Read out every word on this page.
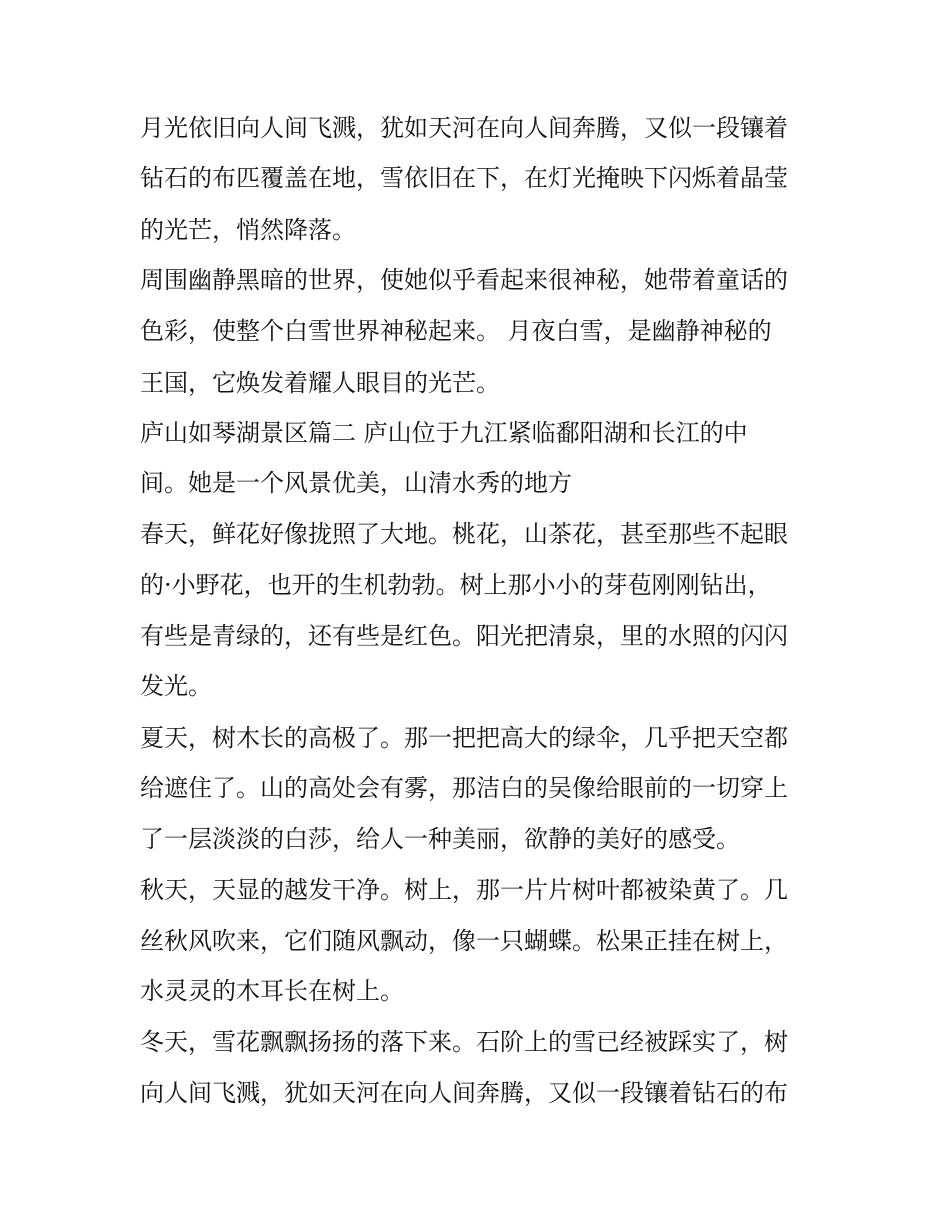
月光依旧向人间飞溅，犹如天河在向人间奔腾，又似一段镶着
钻石的布匹覆盖在地，雪依旧在下，在灯光掩映下闪烁着晶莹
的光芒，悄然降落。
周围幽静黑暗的世界，使她似乎看起来很神秘，她带着童话的
色彩，使整个白雪世界神秘起来。 月夜白雪，是幽静神秘的
王国，它焕发着耀人眼目的光芒。
庐山如琴湖景区篇二 庐山位于九江紧临鄱阳湖和长江的中
间。她是一个风景优美，山清水秀的地方
春天，鲜花好像拢照了大地。桃花，山茶花，甚至那些不起眼
的·小野花，也开的生机勃勃。树上那小小的芽苞刚刚钻出，
有些是青绿的，还有些是红色。阳光把清泉，里的水照的闪闪
发光。
夏天，树木长的高极了。那一把把高大的绿伞，几乎把天空都
给遮住了。山的高处会有雾，那洁白的吴像给眼前的一切穿上
了一层淡淡的白莎，给人一种美丽，欲静的美好的感受。
秋天，天显的越发干净。树上，那一片片树叶都被染黄了。几
丝秋风吹来，它们随风飘动，像一只蝴蝶。松果正挂在树上，
水灵灵的木耳长在树上。
冬天，雪花飘飘扬扬的落下来。石阶上的雪已经被踩实了，树
向人间飞溅，犹如天河在向人间奔腾，又似一段镶着钻石的布
